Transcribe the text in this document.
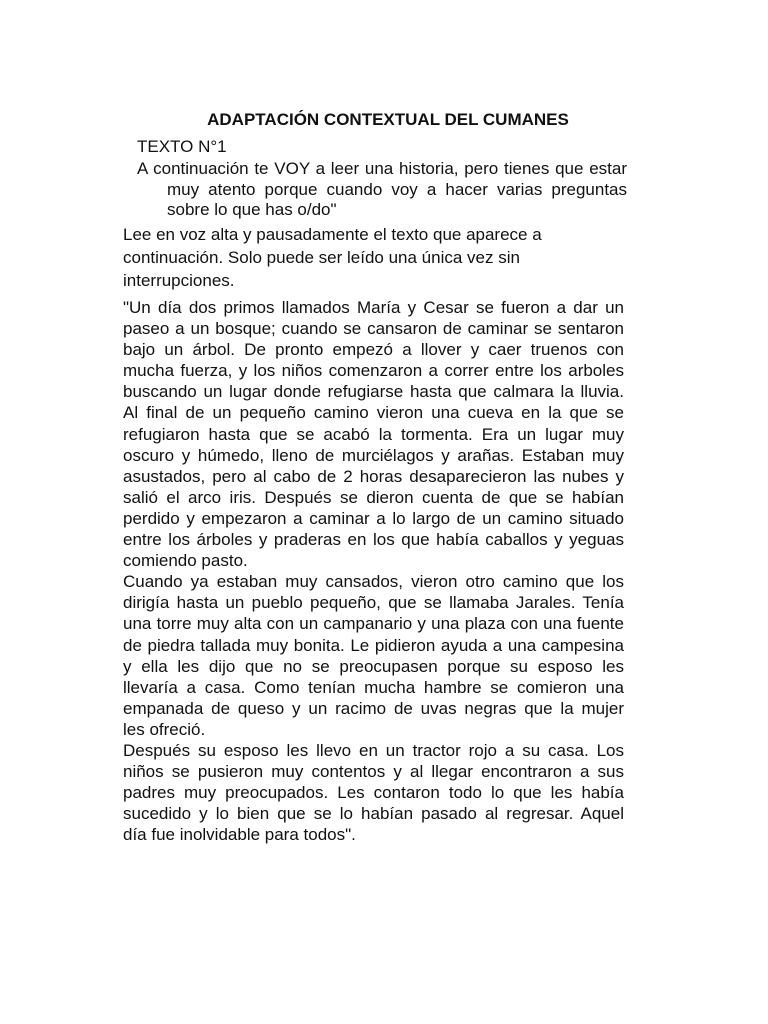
ADAPTACIÓN CONTEXTUAL DEL CUMANES

TEXTO N°1

A continuación te VOY a leer una historia, pero tienes que estar
muy atento porque cuando voy a hacer varias preguntas
sobre lo que has o/do"

Lee en voz alta y pausadamente el texto que aparece a
continuación. Solo puede ser leído una única vez sin
interrupciones.

"Un día dos primos llamados María y Cesar se fueron a dar un
paseo a un bosque; cuando se cansaron de caminar se sentaron
bajo un árbol. De pronto empezó a llover y caer truenos con
mucha fuerza, y los niños comenzaron a correr entre los arboles
buscando un lugar donde refugiarse hasta que calmara la lluvia.
Al final de un pequeño camino vieron una cueva en la que se
refugiaron hasta que se acabó la tormenta. Era un lugar muy
oscuro y húmedo, lleno de murciélagos y arañas. Estaban muy
asustados, pero al cabo de 2 horas desaparecieron las nubes y
salió el arco iris. Después se dieron cuenta de que se habían
perdido y empezaron a caminar a lo largo de un camino situado
entre los árboles y praderas en los que había caballos y yeguas
comiendo pasto.
Cuando ya estaban muy cansados, vieron otro camino que los
dirigía hasta un pueblo pequeño, que se llamaba Jarales. Tenía
una torre muy alta con un campanario y una plaza con una fuente
de piedra tallada muy bonita. Le pidieron ayuda a una campesina
y ella les dijo que no se preocupasen porque su esposo les
llevaría a casa. Como tenían mucha hambre se comieron una
empanada de queso y un racimo de uvas negras que la mujer
les ofreció.
Después su esposo les llevo en un tractor rojo a su casa. Los
niños se pusieron muy contentos y al llegar encontraron a sus
padres muy preocupados. Les contaron todo lo que les había
sucedido y lo bien que se lo habían pasado al regresar. Aquel
día fue inolvidable para todos".
